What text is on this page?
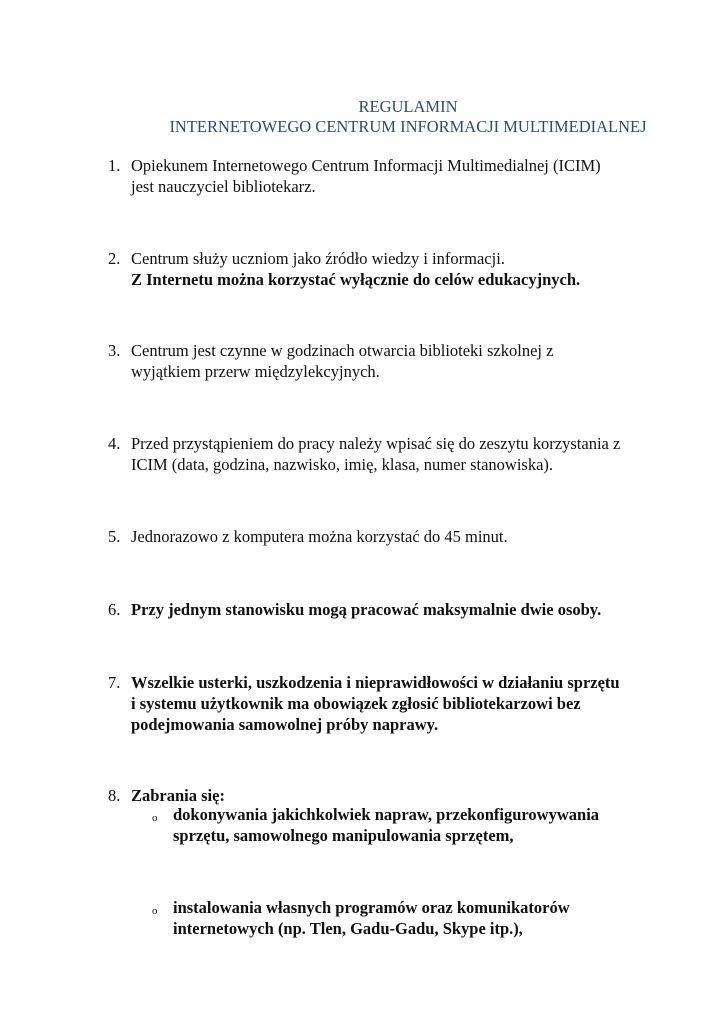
REGULAMIN
INTERNETOWEGO CENTRUM INFORMACJI MULTIMEDIALNEJ
1. Opiekunem Internetowego Centrum Informacji Multimedialnej (ICIM)
jest nauczyciel bibliotekarz.
2. Centrum służy uczniom jako źródło wiedzy i informacji.
Z Internetu można korzystać wyłącznie do celów edukacyjnych.
3. Centrum jest czynne w godzinach otwarcia biblioteki szkolnej z
wyjątkiem przerw międzylekcyjnych.
4. Przed przystąpieniem do pracy należy wpisać się do zeszytu korzystania z
ICIM (data, godzina, nazwisko, imię, klasa, numer stanowiska).
5. Jednorazowo z komputera można korzystać do 45 minut.
6. Przy jednym stanowisku mogą pracować maksymalnie dwie osoby.
7. Wszelkie usterki, uszkodzenia i nieprawidłowości w działaniu sprzętu
i systemu użytkownik ma obowiązek zgłosić bibliotekarzowi bez
podejmowania samowolnej próby naprawy.
8. Zabrania się:
o dokonywania jakichkolwiek napraw, przekonfigurowywania
sprzętu, samowolnego manipulowania sprzętem,
o instalowania własnych programów oraz komunikatorów
internetowych (np. Tlen, Gadu-Gadu, Skype itp.),
